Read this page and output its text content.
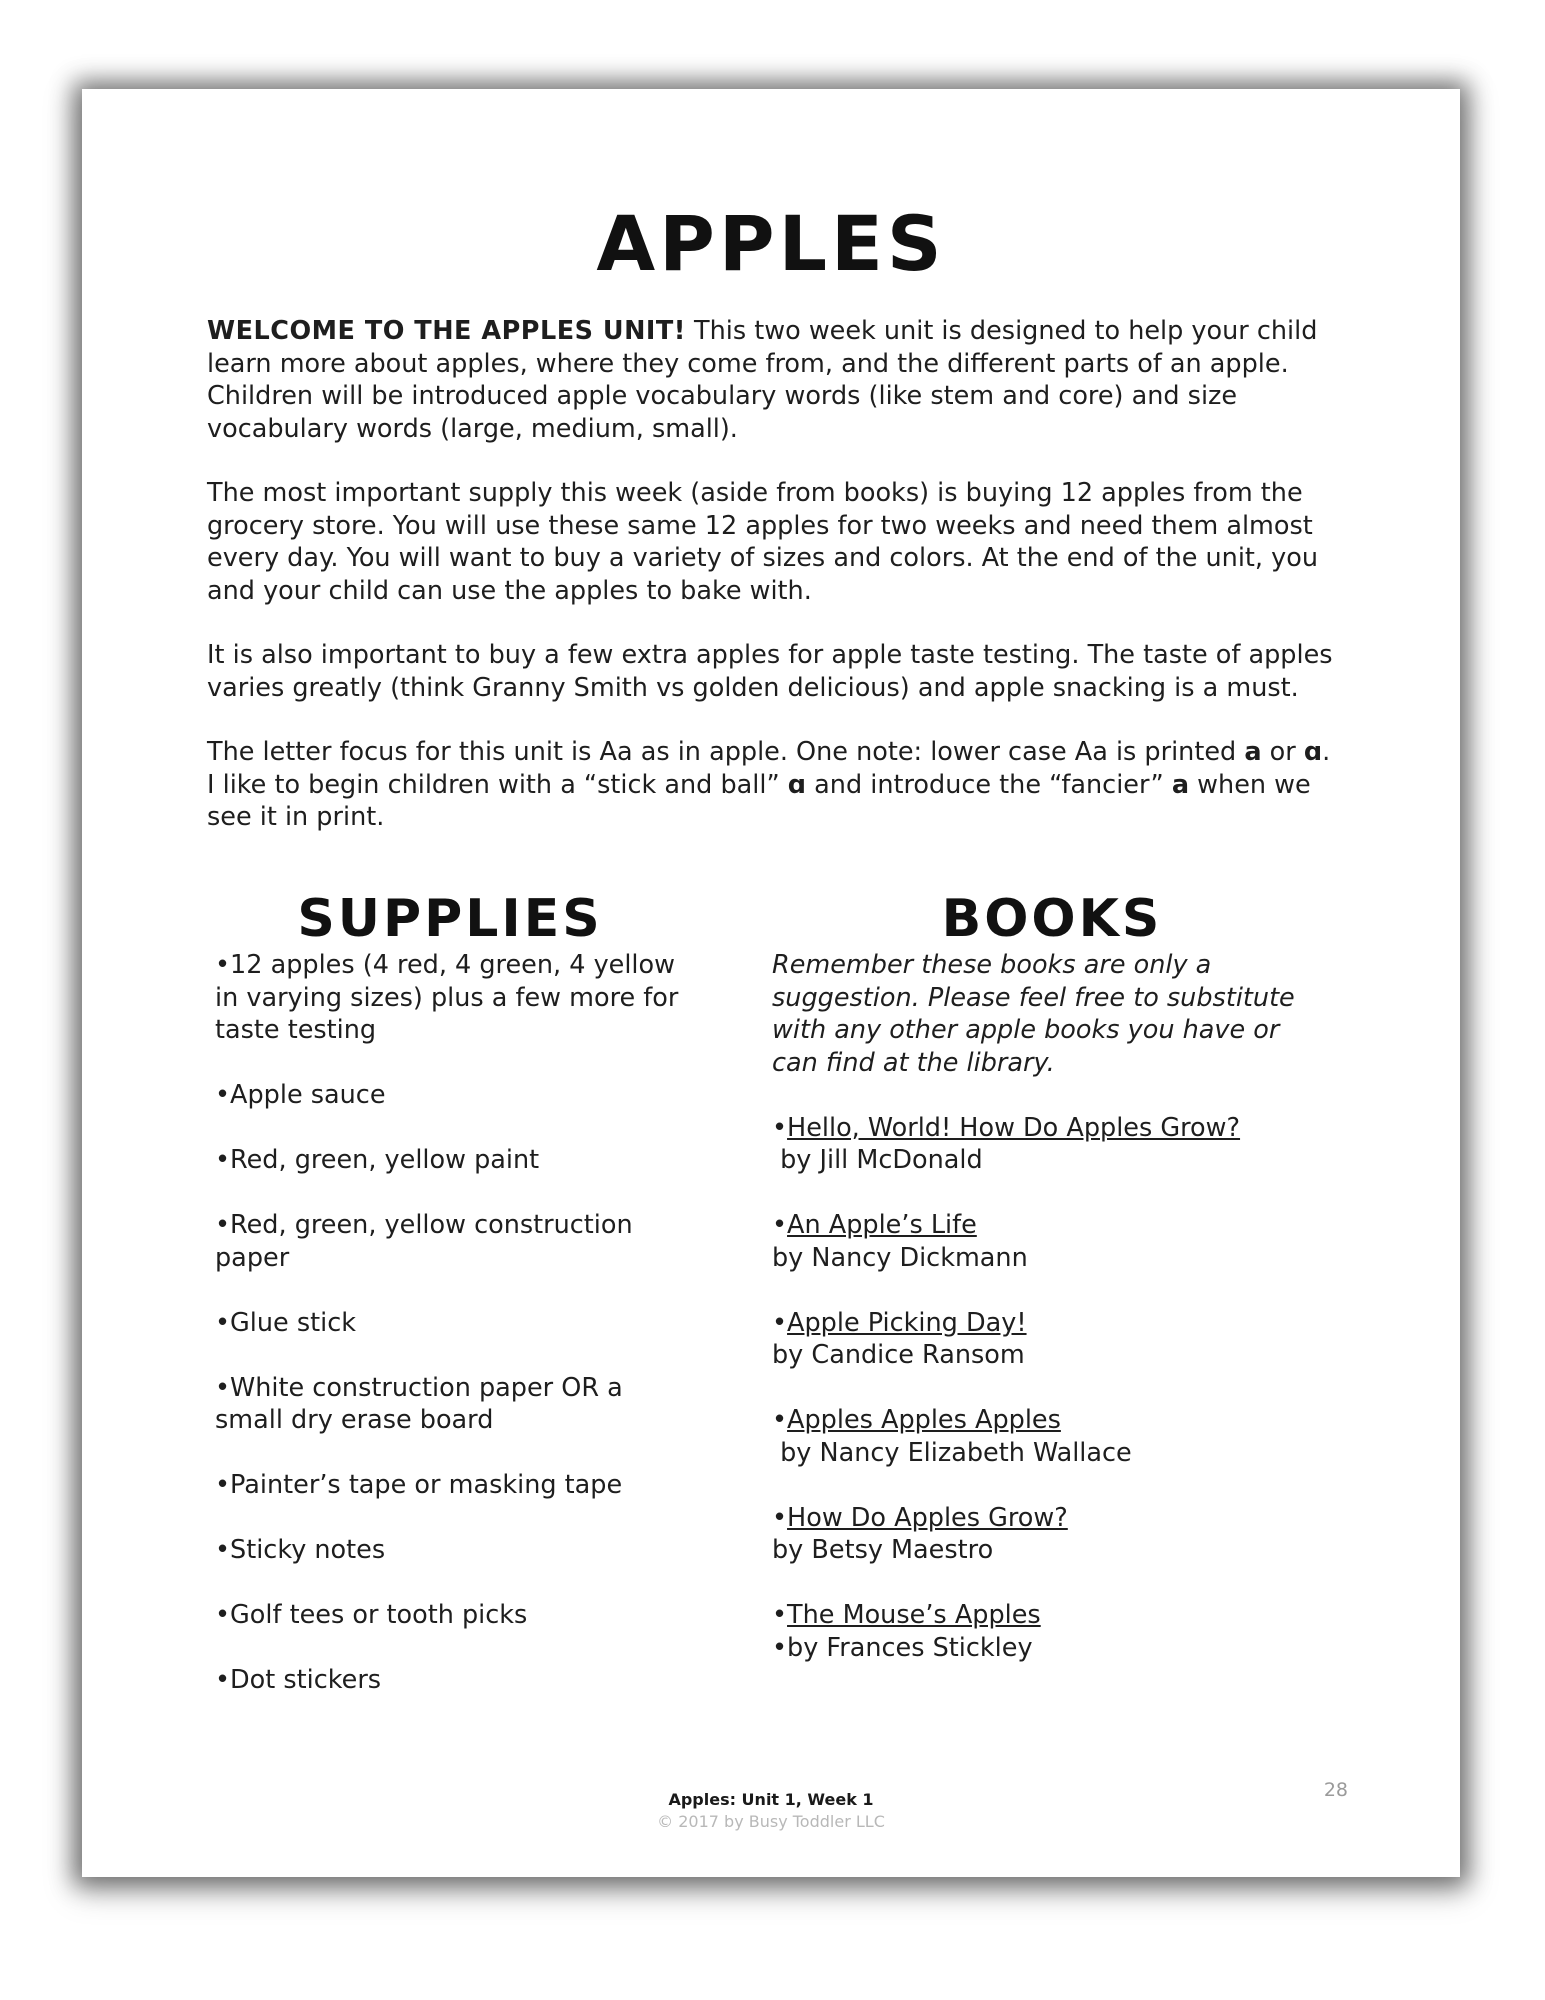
APPLES

WELCOME TO THE APPLES UNIT! This two week unit is designed to help your child learn more about apples, where they come from, and the different parts of an apple. Children will be introduced apple vocabulary words (like stem and core) and size vocabulary words (large, medium, small).

The most important supply this week (aside from books) is buying 12 apples from the grocery store. You will use these same 12 apples for two weeks and need them almost every day. You will want to buy a variety of sizes and colors. At the end of the unit, you and your child can use the apples to bake with.

It is also important to buy a few extra apples for apple taste testing. The taste of apples varies greatly (think Granny Smith vs golden delicious) and apple snacking is a must.

The letter focus for this unit is Aa as in apple. One note: lower case Aa is printed a or ɑ. I like to begin children with a “stick and ball” ɑ and introduce the “fancier” a when we see it in print.

SUPPLIES
•12 apples (4 red, 4 green, 4 yellow in varying sizes) plus a few more for taste testing
•Apple sauce
•Red, green, yellow paint
•Red, green, yellow construction paper
•Glue stick
•White construction paper OR a small dry erase board
•Painter’s tape or masking tape
•Sticky notes
•Golf tees or tooth picks
•Dot stickers
BOOKS

Remember these books are only a suggestion. Please feel free to substitute with any other apple books you have or can find at the library.

•Hello, World! How Do Apples Grow?
by Jill McDonald
•An Apple’s Life
by Nancy Dickmann
•Apple Picking Day!
by Candice Ransom
•Apples Apples Apples
by Nancy Elizabeth Wallace
•How Do Apples Grow?
by Betsy Maestro
•The Mouse’s Apples
•by Frances Stickley
Apples: Unit 1, Week 1
© 2017 by Busy Toddler LLC
28
